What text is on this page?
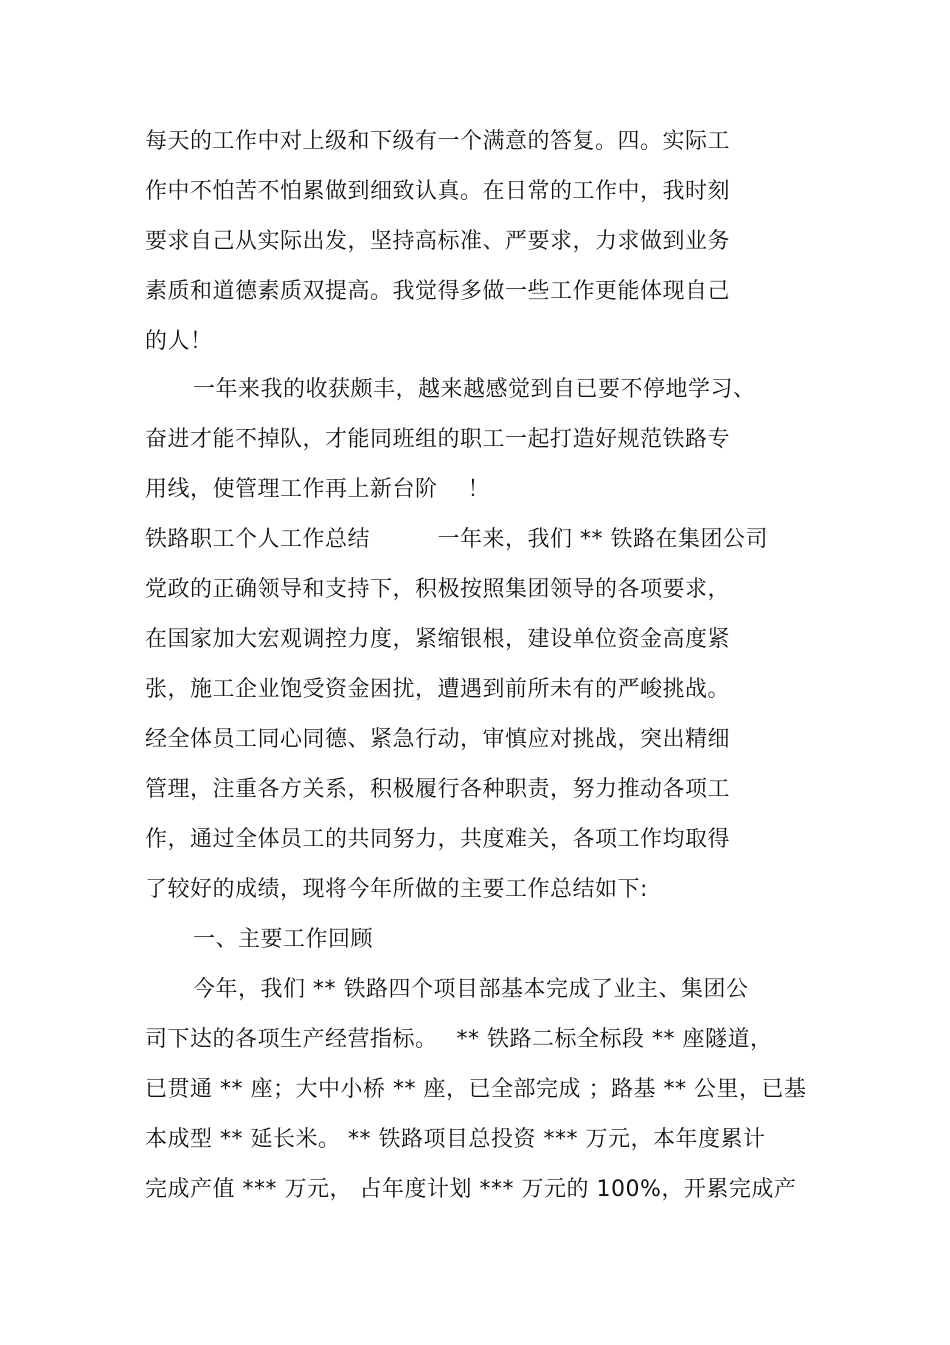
每天的工作中对上级和下级有一个满意的答复。四。实际工
作中不怕苦不怕累做到细致认真。在日常的工作中，我时刻
要求自己从实际出发，坚持高标准、严要求，力求做到业务
素质和道德素质双提高。我觉得多做一些工作更能体现自己
的人！
一年来我的收获颇丰，越来越感觉到自已要不停地学习、
奋进才能不掉队，才能同班组的职工一起打造好规范铁路专
用线，使管理工作再上新台阶　 ！
铁路职工个人工作总结　　　一年来，我们 ** 铁路在集团公司
党政的正确领导和支持下，积极按照集团领导的各项要求，
在国家加大宏观调控力度，紧缩银根，建设单位资金高度紧
张，施工企业饱受资金困扰，遭遇到前所未有的严峻挑战。
经全体员工同心同德、紧急行动，审慎应对挑战，突出精细
管理，注重各方关系，积极履行各种职责，努力推动各项工
作，通过全体员工的共同努力，共度难关，各项工作均取得
了较好的成绩，现将今年所做的主要工作总结如下:
一、主要工作回顾
今年，我们 ** 铁路四个项目部基本完成了业主、集团公
司下达的各项生产经营指标。　 ** 铁路二标全标段 ** 座隧道，
已贯通 ** 座；大中小桥 ** 座，已全部完成 ；路基 ** 公里，已基
本成型 ** 延长米。 ** 铁路项目总投资 *** 万元，本年度累计
完成产值 *** 万元， 占年度计划 *** 万元的 100%，开累完成产
